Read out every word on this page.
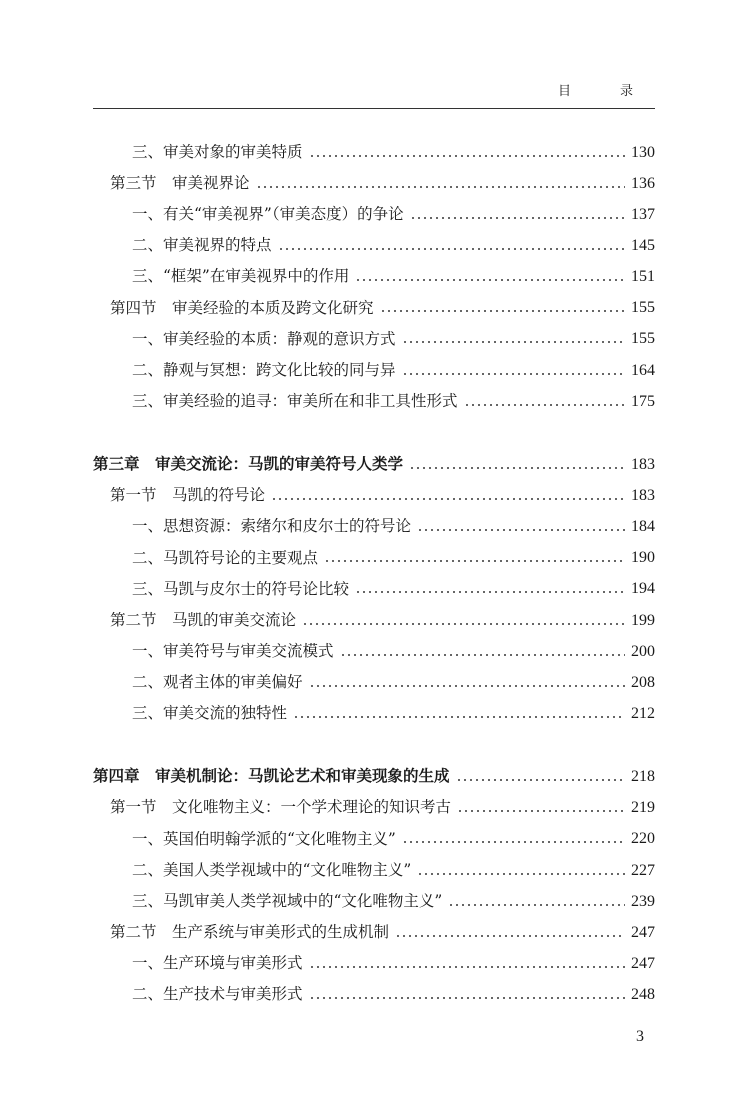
目　录
三、审美对象的审美特质	130
第三节　审美视界论	136
一、有关“审美视界”（审美态度）的争论	137
二、审美视界的特点	145
三、“框架”在审美视界中的作用	151
第四节　审美经验的本质及跨文化研究	155
一、审美经验的本质：静观的意识方式	155
二、静观与冥想：跨文化比较的同与异	164
三、审美经验的追寻：审美所在和非工具性形式	175
第三章　审美交流论：马凯的审美符号人类学	183
第一节　马凯的符号论	183
一、思想资源：索绪尔和皮尔士的符号论	184
二、马凯符号论的主要观点	190
三、马凯与皮尔士的符号论比较	194
第二节　马凯的审美交流论	199
一、审美符号与审美交流模式	200
二、观者主体的审美偏好	208
三、审美交流的独特性	212
第四章　审美机制论：马凯论艺术和审美现象的生成	218
第一节　文化唯物主义：一个学术理论的知识考古	219
一、英国伯明翰学派的“文化唯物主义”	220
二、美国人类学视域中的“文化唯物主义”	227
三、马凯审美人类学视域中的“文化唯物主义”	239
第二节　生产系统与审美形式的生成机制	247
一、生产环境与审美形式	247
二、生产技术与审美形式	248
3
